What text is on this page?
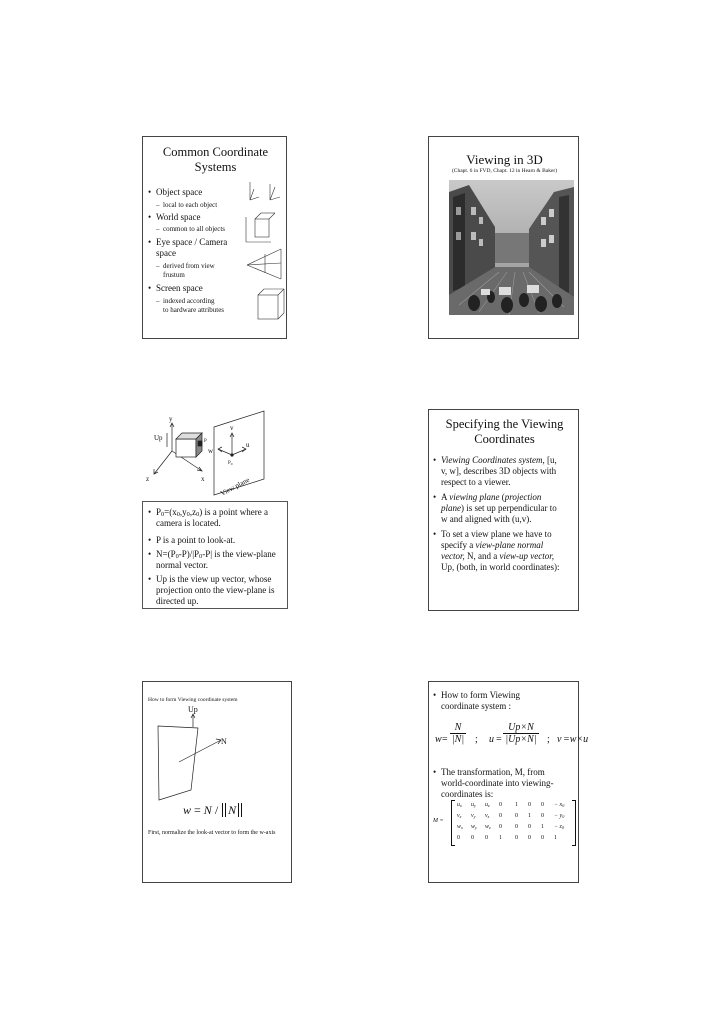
Common Coordinate
Systems
• Object space
– local to each object
• World space
– common to all objects
• Eye space / Camera
space
– derived from view
frustum
• Screen space
– indexed according
to hardware attributes
Viewing in 3D
(Chapt. 6 in FVD, Chapt. 12 in Hearn & Baker)
y
Up
x
z
v
u
w
P
$P_0$
View plane
• $P_0=(x_0,y_0,z_0)$ is a point where a
camera is located.
• P is a point to look-at.
• $N=(P_0-P)/|P_0-P|$ is the view-plane
normal vector.
• Up is the view up vector, whose
projection onto the view-plane is
directed up.
Specifying the Viewing
Coordinates
• Viewing Coordinates system, [u,
v, w], describes 3D objects with
respect to a viewer.
• A viewing plane (projection
plane) is set up perpendicular to
w and aligned with (u,v).
• To set a view plane we have to
specify a view-plane normal
vector, N, and a view-up vector,
Up, (both, in world coordinates):
How to form Viewing coordinate system
Up
N
w = N / N
First, normalize the look-at vector to form the w-axis
• How to form Viewing
coordinate system :
w =
N
|N| ; u =
Up×N
|Up×N| ; v =w×u
• The transformation, M, from
world-coordinate into viewing-
coordinates is:
M =
$u_x$ $u_y$ $u_z$ 0
$v_x$ $v_y$ $v_z$ 0
$w_x$ $w_y$ $w_z$ 0
0 0 0 1
1 0 $0 - x_0$
0 1 $0 - y_0$
0 0 $1 - z_0$
0 0 0 1
